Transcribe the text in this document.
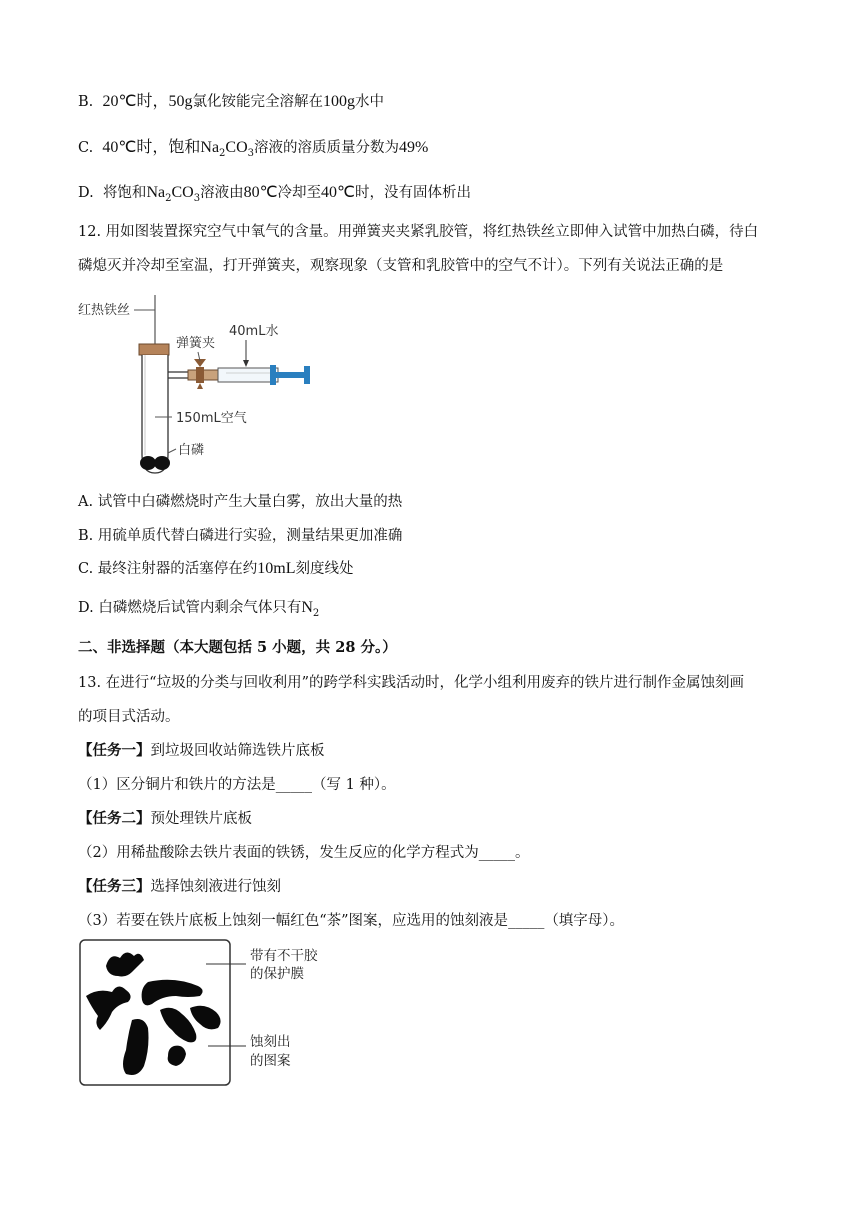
B. 20℃时，50g氯化铵能完全溶解在100g水中
C. 40℃时，饱和$Na_2CO_3$溶液的溶质质量分数为49%
D. 将饱和$Na_2CO_3$溶液由80℃冷却至40℃时，没有固体析出
12. 用如图装置探究空气中氧气的含量。用弹簧夹夹紧乳胶管，将红热铁丝立即伸入试管中加热白磷，待白
磷熄灭并冷却至室温，打开弹簧夹，观察现象（支管和乳胶管中的空气不计）。下列有关说法正确的是
红热铁丝
弹簧夹
40mL水
150mL空气
白磷
A. 试管中白磷燃烧时产生大量白雾，放出大量的热
B. 用硫单质代替白磷进行实验，测量结果更加准确
C. 最终注射器的活塞停在约10mL刻度线处
D. 白磷燃烧后试管内剩余气体只有$N_2$
二、非选择题（本大题包括 5 小题，共 28 分。）
13. 在进行“垃圾的分类与回收利用”的跨学科实践活动时，化学小组利用废弃的铁片进行制作金属蚀刻画
的项目式活动。
【任务一】到垃圾回收站筛选铁片底板
（1）区分铜片和铁片的方法是_____（写 1 种）。
【任务二】预处理铁片底板
（2）用稀盐酸除去铁片表面的铁锈，发生反应的化学方程式为_____。
【任务三】选择蚀刻液进行蚀刻
（3）若要在铁片底板上蚀刻一幅红色“茶”图案，应选用的蚀刻液是_____（填字母）。
带有不干胶
的保护膜
蚀刻出
的图案
